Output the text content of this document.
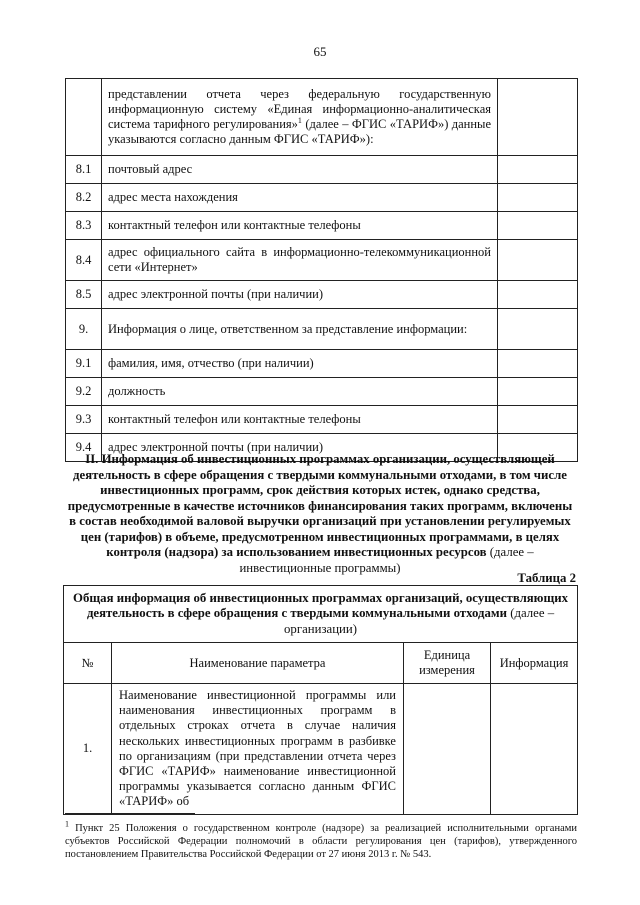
65
	представлении отчета через федеральную государственную информационную систему «Единая информационно-аналитическая система тарифного регулирования»$^1$ (далее – ФГИС «ТАРИФ») данные указываются согласно данным ФГИС «ТАРИФ»):	
8.1	почтовый адрес	
8.2	адрес места нахождения	
8.3	контактный телефон или контактные телефоны	
8.4	адрес официального сайта в информационно-телекоммуникационной сети «Интернет»	
8.5	адрес электронной почты (при наличии)	
9.	Информация о лице, ответственном за представление информации:	
9.1	фамилия, имя, отчество (при наличии)	
9.2	должность	
9.3	контактный телефон или контактные телефоны	
9.4	адрес электронной почты (при наличии)	
II. Информация об инвестиционных программах организации, осуществляющей деятельность в сфере обращения с твердыми коммунальными отходами, в том числе инвестиционных программ, срок действия которых истек, однако средства, предусмотренные в качестве источников финансирования таких программ, включены в состав необходимой валовой выручки организаций при установлении регулируемых цен (тарифов) в объеме, предусмотренном инвестиционных программами, в целях контроля (надзора) за использованием инвестиционных ресурсов (далее – инвестиционные программы)
Таблица 2
Общая информация об инвестиционных программах организаций, осуществляющих деятельность в сфере обращения с твердыми коммунальными отходами (далее – организации)			
№	Наименование параметра	Единица измерения	Информация
1.	Наименование инвестиционной программы или наименования инвестиционных программ в отдельных строках отчета в случае наличия нескольких инвестиционных программ в разбивке по организациям (при представлении отчета через ФГИС «ТАРИФ» наименование инвестиционной программы указывается согласно данным ФГИС «ТАРИФ» об		
$^1$ Пункт 25 Положения о государственном контроле (надзоре) за реализацией исполнительными органами субъектов Российской Федерации полномочий в области регулирования цен (тарифов), утвержденного постановлением Правительства Российской Федерации от 27 июня 2013 г. № 543.
